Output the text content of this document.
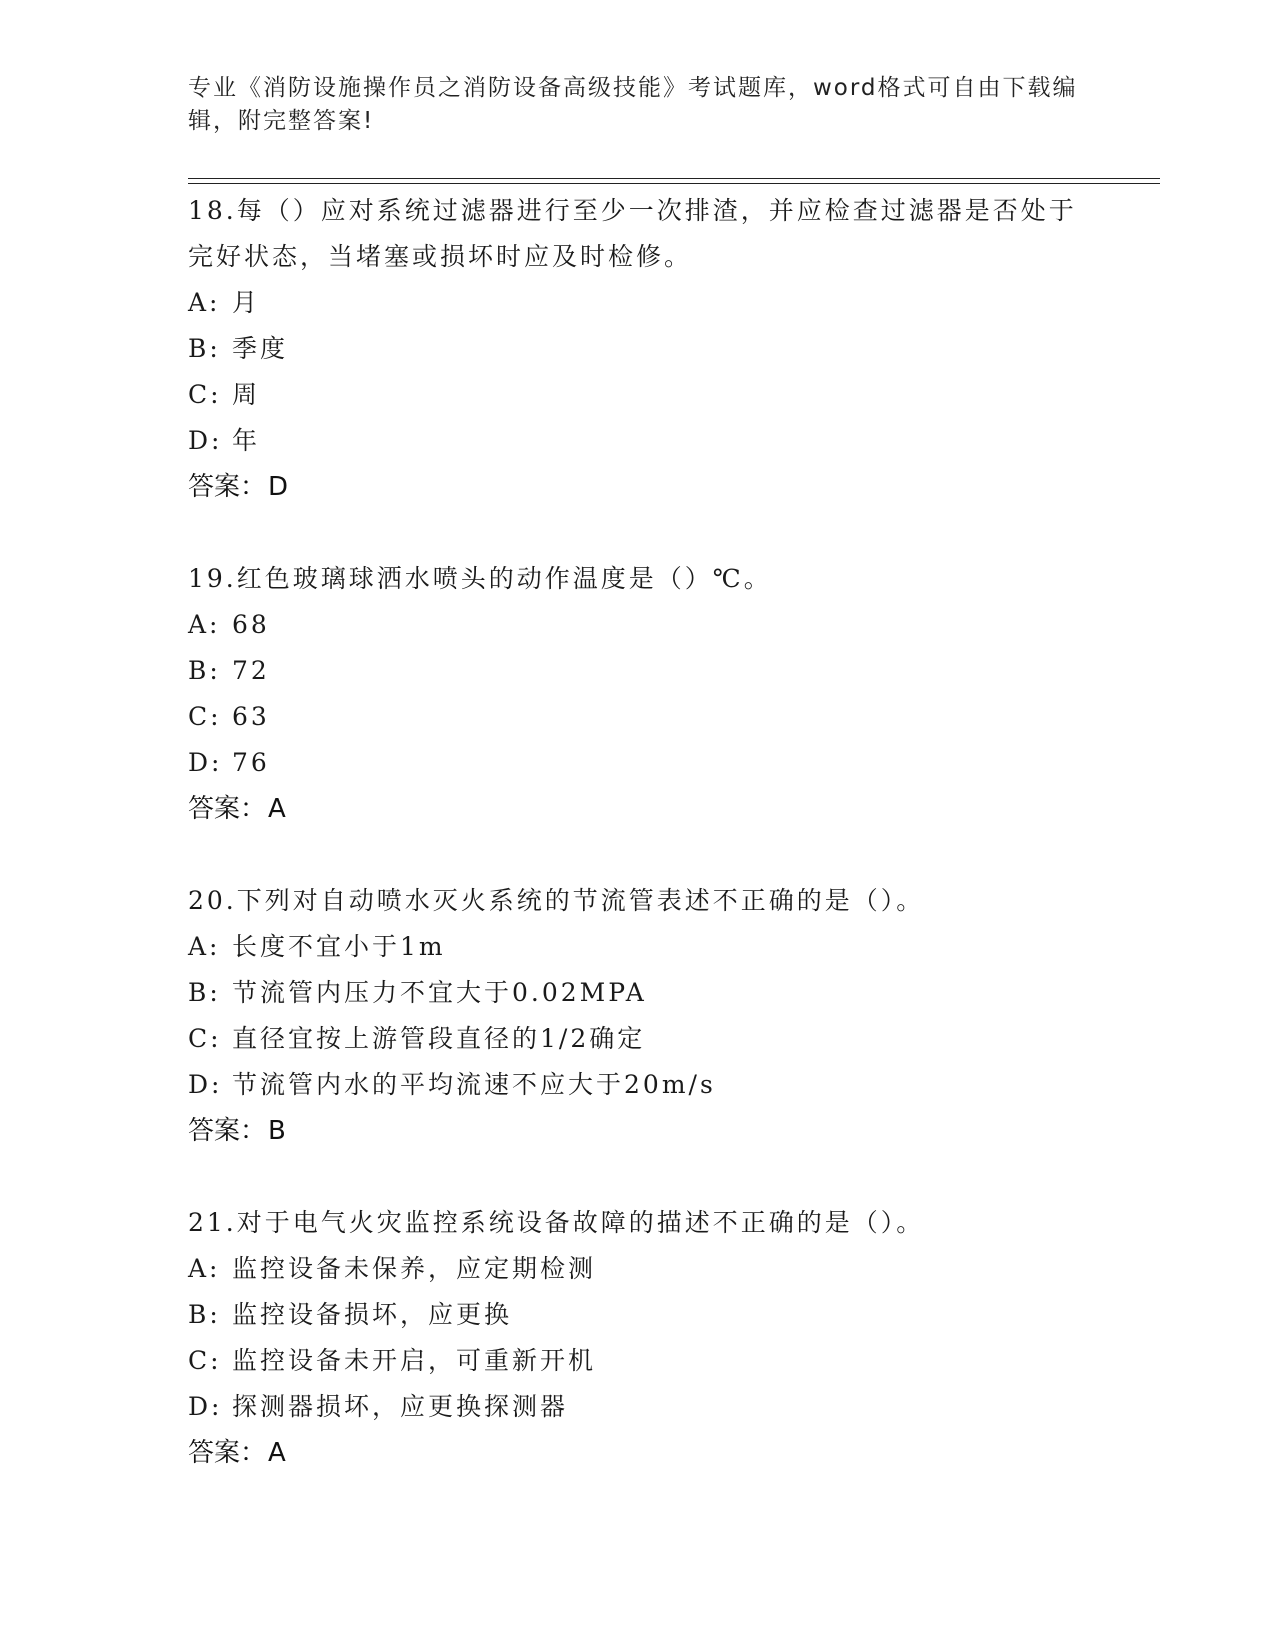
专业《消防设施操作员之消防设备高级技能》考试题库，word格式可自由下载编辑，附完整答案!

18.每（）应对系统过滤器进行至少一次排渣，并应检查过滤器是否处于完好状态，当堵塞或损坏时应及时检修。

A: 月
B: 季度
C: 周
D: 年
答案：D

19.红色玻璃球洒水喷头的动作温度是（）℃。

A: 68
B: 72
C: 63
D: 76
答案：A

20.下列对自动喷水灭火系统的节流管表述不正确的是（）。

A: 长度不宜小于1m
B: 节流管内压力不宜大于0.02MPA
C: 直径宜按上游管段直径的1/2确定
D: 节流管内水的平均流速不应大于20m/s
答案：B

21.对于电气火灾监控系统设备故障的描述不正确的是（）。

A: 监控设备未保养，应定期检测
B: 监控设备损坏，应更换
C: 监控设备未开启，可重新开机
D: 探测器损坏，应更换探测器
答案：A
